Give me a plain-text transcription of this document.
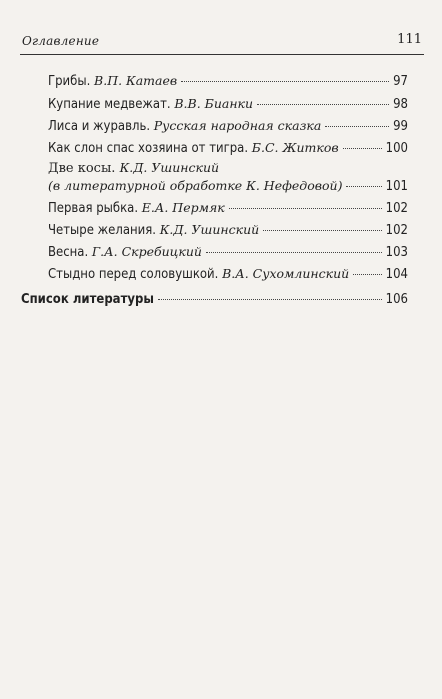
Оглавление	111
Грибы. В.П. Катаев	97
Купание медвежат. В.В. Бианки	98
Лиса и журавль. Русская народная сказка	99
Как слон спас хозяина от тигра. Б.С. Житков	100
Две косы. К.Д. Ушинский
(в литературной обработке К. Нефедовой)	101
Первая рыбка. Е.А. Пермяк	102
Четыре желания. К.Д. Ушинский	102
Весна. Г.А. Скребицкий	103
Стыдно перед соловушкой. В.А. Сухомлинский	104
Список литературы	106
